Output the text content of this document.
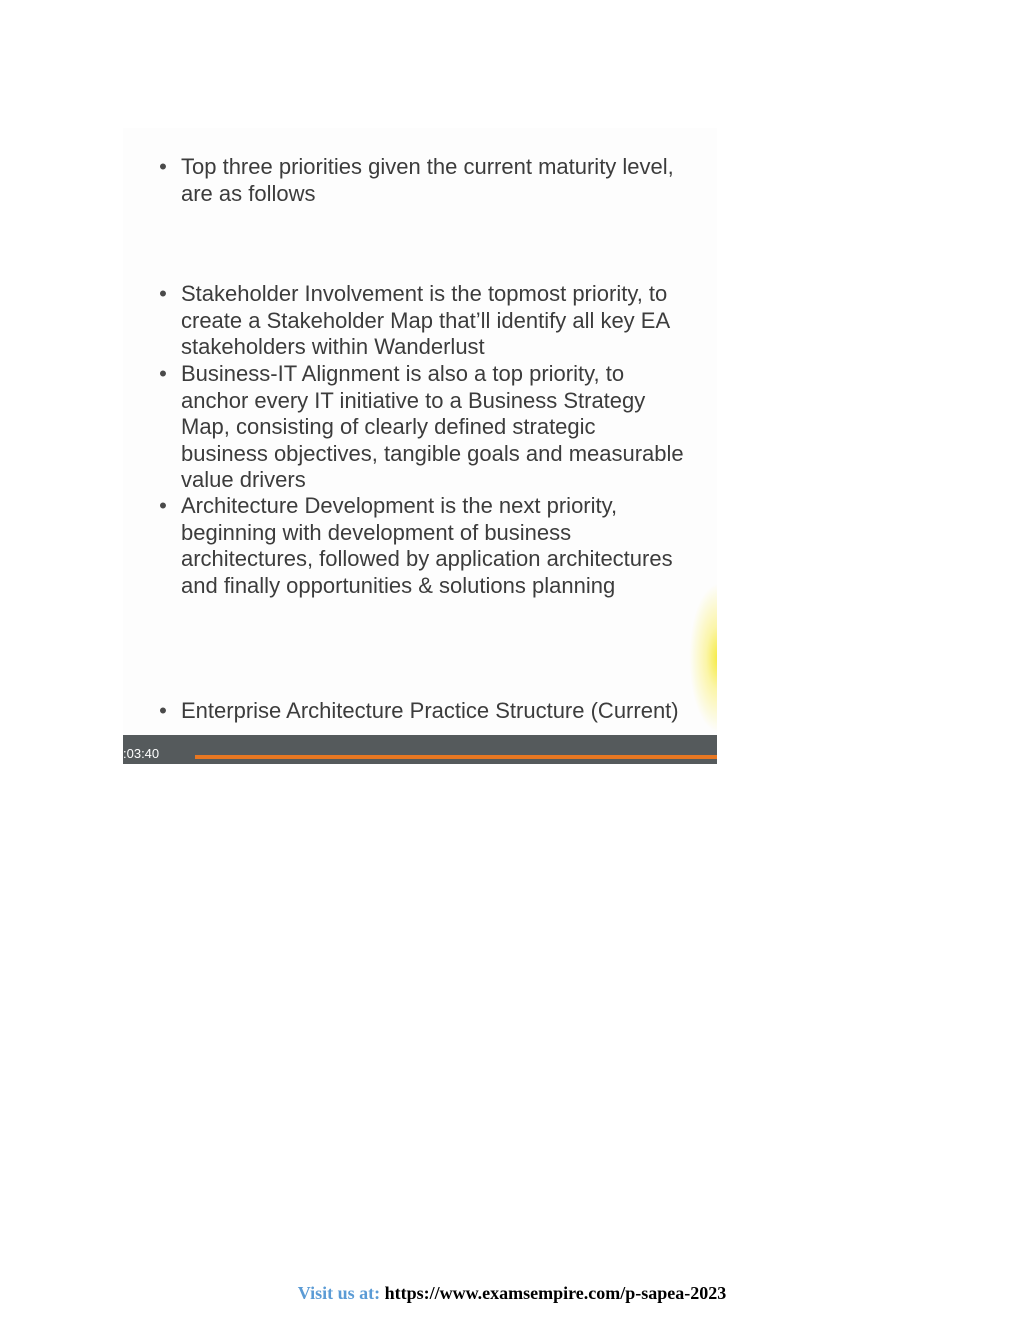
• Top three priorities given the current maturity level, are as follows
• Stakeholder Involvement is the topmost priority, to create a Stakeholder Map that’ll identify all key EA stakeholders within Wanderlust
• Business-IT Alignment is also a top priority, to anchor every IT initiative to a Business Strategy Map, consisting of clearly defined strategic business objectives, tangible goals and measurable value drivers
• Architecture Development is the next priority, beginning with development of business architectures, followed by application architectures and finally opportunities & solutions planning
• Enterprise Architecture Practice Structure (Current)
:03:40
Visit us at: https://www.examsempire.com/p-sapea-2023
